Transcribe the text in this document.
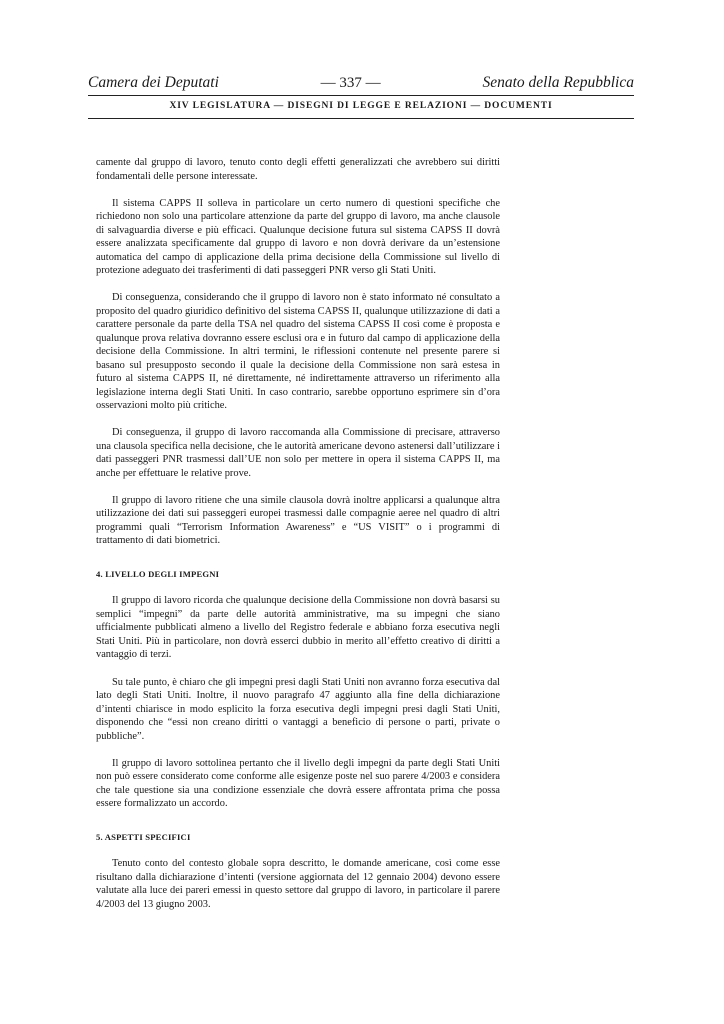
Camera dei Deputati	— 337 —	Senato della Repubblica
XIV LEGISLATURA — DISEGNI DI LEGGE E RELAZIONI — DOCUMENTI

camente dal gruppo di lavoro, tenuto conto degli effetti generalizzati che avrebbero sui diritti fondamentali delle persone interessate.

Il sistema CAPPS II solleva in particolare un certo numero di questioni specifiche che richiedono non solo una particolare attenzione da parte del gruppo di lavoro, ma anche clausole di salvaguardia diverse e più efficaci. Qualunque decisione futura sul sistema CAPSS II dovrà essere analizzata specificamente dal gruppo di lavoro e non dovrà derivare da un’estensione automatica del campo di applicazione della prima decisione della Commissione sul livello di protezione adeguato dei trasferimenti di dati passeggeri PNR verso gli Stati Uniti.

Di conseguenza, considerando che il gruppo di lavoro non è stato informato né consultato a proposito del quadro giuridico definitivo del sistema CAPSS II, qualunque utilizzazione di dati a carattere personale da parte della TSA nel quadro del sistema CAPSS II così come è proposta e qualunque prova relativa dovranno essere esclusi ora e in futuro dal campo di applicazione della decisione della Commissione. In altri termini, le riflessioni contenute nel presente parere si basano sul presupposto secondo il quale la decisione della Commissione non sarà estesa in futuro al sistema CAPPS II, né direttamente, né indirettamente attraverso un riferimento alla legislazione interna degli Stati Uniti. In caso contrario, sarebbe opportuno esprimere sin d’ora osservazioni molto più critiche.

Di conseguenza, il gruppo di lavoro raccomanda alla Commissione di precisare, attraverso una clausola specifica nella decisione, che le autorità americane devono astenersi dall’utilizzare i dati passeggeri PNR trasmessi dall’UE non solo per mettere in opera il sistema CAPPS II, ma anche per effettuare le relative prove.

Il gruppo di lavoro ritiene che una simile clausola dovrà inoltre applicarsi a qualunque altra utilizzazione dei dati sui passeggeri europei trasmessi dalle compagnie aeree nel quadro di altri programmi quali “Terrorism Information Awareness” e “US VISIT” o i programmi di trattamento di dati biometrici.

4. LIVELLO DEGLI IMPEGNI

Il gruppo di lavoro ricorda che qualunque decisione della Commissione non dovrà basarsi su semplici “impegni” da parte delle autorità amministrative, ma su impegni che siano ufficialmente pubblicati almeno a livello del Registro federale e abbiano forza esecutiva negli Stati Uniti. Più in particolare, non dovrà esserci dubbio in merito all’effetto creativo di diritti a vantaggio di terzi.

Su tale punto, è chiaro che gli impegni presi dagli Stati Uniti non avranno forza esecutiva dal lato degli Stati Uniti. Inoltre, il nuovo paragrafo 47 aggiunto alla fine della dichiarazione d’intenti chiarisce in modo esplicito la forza esecutiva degli impegni presi dagli Stati Uniti, disponendo che “essi non creano diritti o vantaggi a beneficio di persone o parti, private o pubbliche”.

Il gruppo di lavoro sottolinea pertanto che il livello degli impegni da parte degli Stati Uniti non può essere considerato come conforme alle esigenze poste nel suo parere 4/2003 e considera che tale questione sia una condizione essenziale che dovrà essere affrontata prima che possa essere formalizzato un accordo.

5. ASPETTI SPECIFICI

Tenuto conto del contesto globale sopra descritto, le domande americane, così come esse risultano dalla dichiarazione d’intenti (versione aggiornata del 12 gennaio 2004) devono essere valutate alla luce dei pareri emessi in questo settore dal gruppo di lavoro, in particolare il parere 4/2003 del 13 giugno 2003.
